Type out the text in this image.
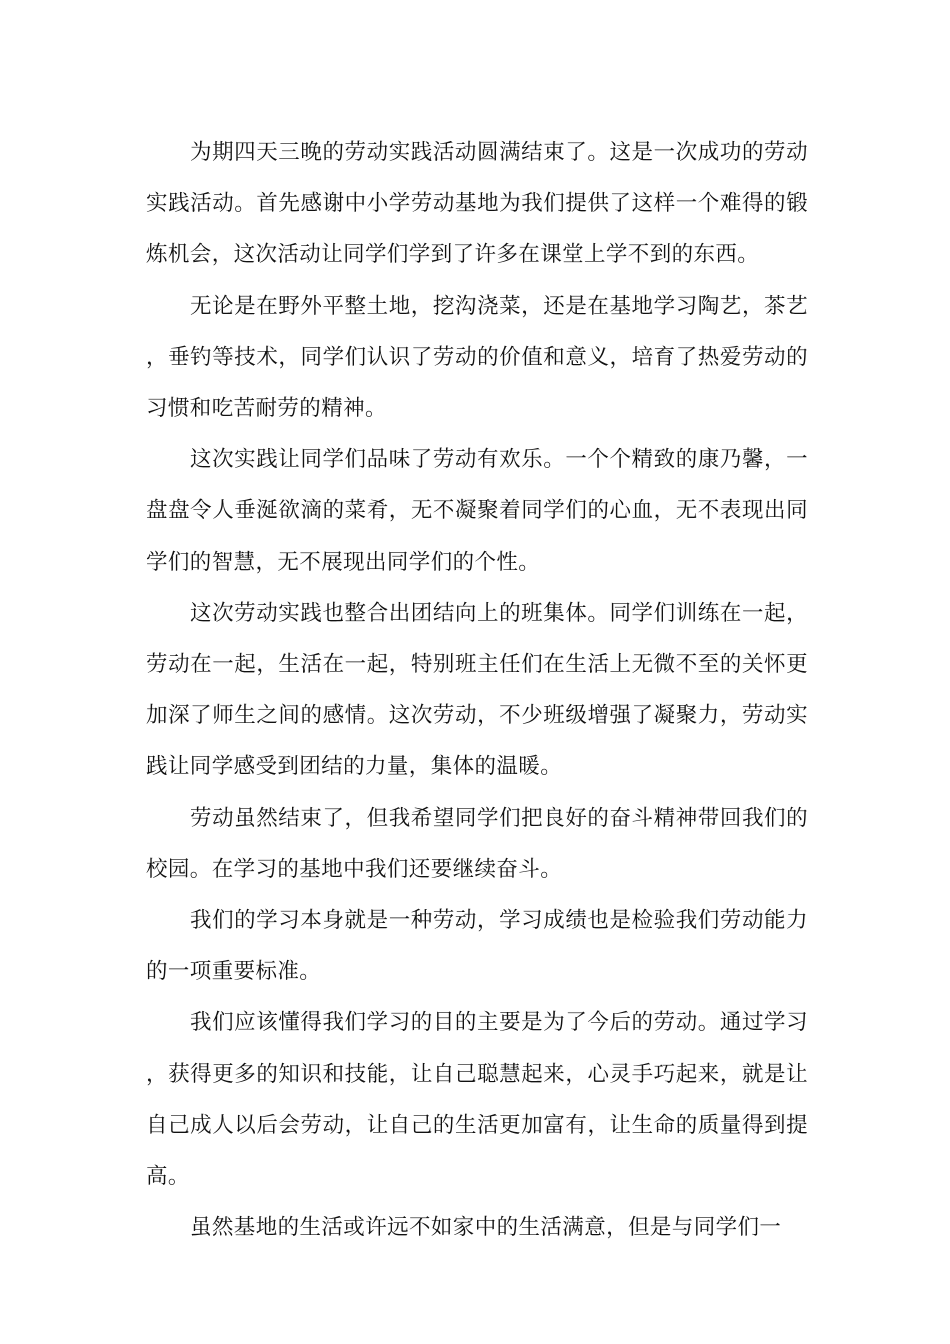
为期四天三晚的劳动实践活动圆满结束了。这是一次成功的劳动实践活动。首先感谢中小学劳动基地为我们提供了这样一个难得的锻炼机会，这次活动让同学们学到了许多在课堂上学不到的东西。

无论是在野外平整土地，挖沟浇菜，还是在基地学习陶艺，茶艺，垂钓等技术，同学们认识了劳动的价值和意义，培育了热爱劳动的习惯和吃苦耐劳的精神。

这次实践让同学们品味了劳动有欢乐。一个个精致的康乃馨，一盘盘令人垂涎欲滴的菜肴，无不凝聚着同学们的心血，无不表现出同学们的智慧，无不展现出同学们的个性。

这次劳动实践也整合出团结向上的班集体。同学们训练在一起，劳动在一起，生活在一起，特别班主任们在生活上无微不至的关怀更加深了师生之间的感情。这次劳动，不少班级增强了凝聚力，劳动实践让同学感受到团结的力量，集体的温暖。

劳动虽然结束了，但我希望同学们把良好的奋斗精神带回我们的校园。在学习的基地中我们还要继续奋斗。

我们的学习本身就是一种劳动，学习成绩也是检验我们劳动能力的一项重要标准。

我们应该懂得我们学习的目的主要是为了今后的劳动。通过学习，获得更多的知识和技能，让自己聪慧起来，心灵手巧起来，就是让自己成人以后会劳动，让自己的生活更加富有，让生命的质量得到提高。

虽然基地的生活或许远不如家中的生活满意，但是与同学们一
